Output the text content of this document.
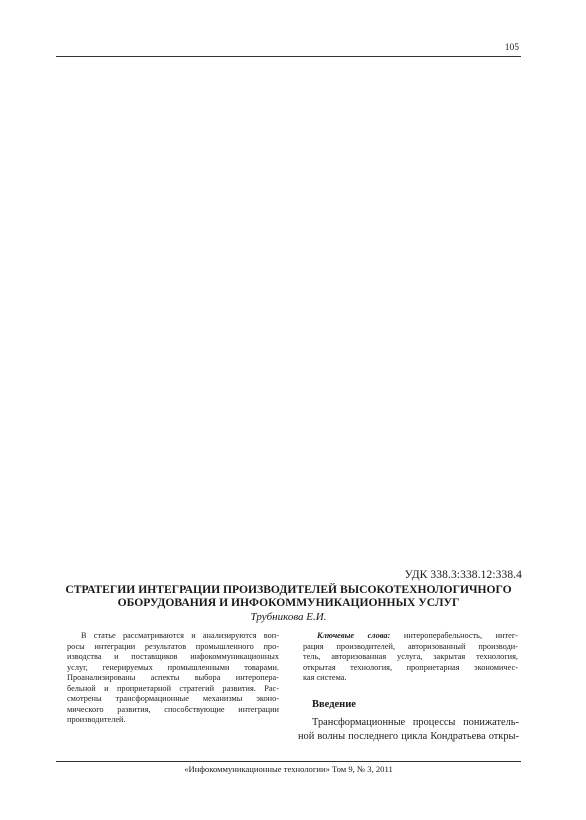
105
УДК 338.3:338.12:338.4
СТРАТЕГИИ ИНТЕГРАЦИИ ПРОИЗВОДИТЕЛЕЙ ВЫСОКОТЕХНОЛОГИЧНОГО
ОБОРУДОВАНИЯ И ИНФОКОММУНИКАЦИОННЫХ УСЛУГ
Трубникова Е.И.
В статье рассматриваются и анализируются воп-
росы интеграции результатов промышленного про-
изводства и поставщиков инфокоммуникационных
услуг, генерируемых промышленными товарами.
Проанализированы аспекты выбора интеропера-
бельной и проприетарной стратегий развития. Рас-
смотрены трансформационные механизмы эконо-
мического развития, способствующие интеграции
производителей.
Ключевые слова: интероперабельность, интег-
рация производителей, авторизованный производи-
тель, авторизованная услуга, закрытая технология,
открытая технология, проприетарная экономичес-
кая система.
Введение
Трансформационные процессы понижатель-
ной волны последнего цикла Кондратьева откры-
«Инфокоммуникационные технологии» Том 9, № 3, 2011
